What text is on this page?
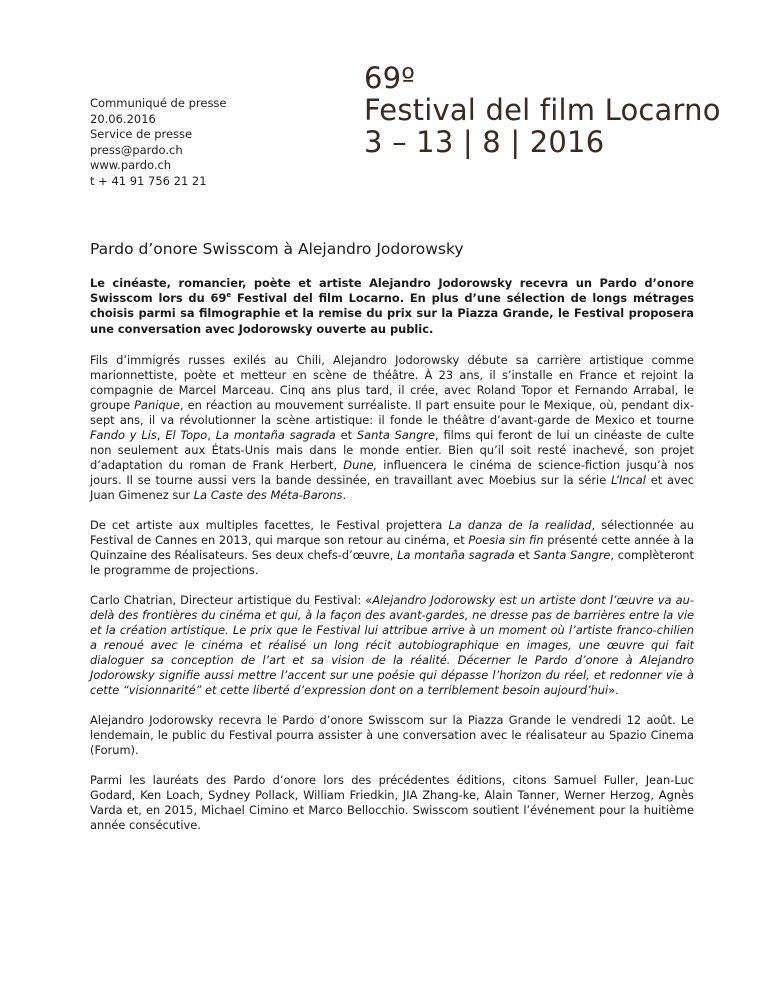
Communiqué de presse
20.06.2016
Service de presse
press@pardo.ch
www.pardo.ch
t + 41 91 756 21 21
69º
Festival del film Locarno
3 – 13 | 8 | 2016
Pardo d’onore Swisscom à Alejandro Jodorowsky

Le cinéaste, romancier, poète et artiste Alejandro Jodorowsky recevra un Pardo d’onore Swisscom lors du 69e Festival del film Locarno. En plus d’une sélection de longs métrages choisis parmi sa filmographie et la remise du prix sur la Piazza Grande, le Festival proposera une conversation avec Jodorowsky ouverte au public.

Fils d’immigrés russes exilés au Chili, Alejandro Jodorowsky débute sa carrière artistique comme marionnettiste, poète et metteur en scène de théâtre. À 23 ans, il s’installe en France et rejoint la compagnie de Marcel Marceau. Cinq ans plus tard, il crée, avec Roland Topor et Fernando Arrabal, le groupe Panique, en réaction au mouvement surréaliste. Il part ensuite pour le Mexique, où, pendant dix-sept ans, il va révolutionner la scène artistique: il fonde le théâtre d’avant-garde de Mexico et tourne Fando y Lis, El Topo, La montaña sagrada et Santa Sangre, films qui feront de lui un cinéaste de culte non seulement aux États-Unis mais dans le monde entier. Bien qu’il soit resté inachevé, son projet d’adaptation du roman de Frank Herbert, Dune, influencera le cinéma de science-fiction jusqu’à nos jours. Il se tourne aussi vers la bande dessinée, en travaillant avec Moebius sur la série L’Incal et avec Juan Gimenez sur La Caste des Méta-Barons.

De cet artiste aux multiples facettes, le Festival projettera La danza de la realidad, sélectionnée au Festival de Cannes en 2013, qui marque son retour au cinéma, et Poesia sin fin présenté cette année à la Quinzaine des Réalisateurs. Ses deux chefs-d’œuvre, La montaña sagrada et Santa Sangre, complèteront le programme de projections.

Carlo Chatrian, Directeur artistique du Festival: «Alejandro Jodorowsky est un artiste dont l’œuvre va au-delà des frontières du cinéma et qui, à la façon des avant-gardes, ne dresse pas de barrières entre la vie et la création artistique. Le prix que le Festival lui attribue arrive à un moment où l’artiste franco-chilien a renoué avec le cinéma et réalisé un long récit autobiographique en images, une œuvre qui fait dialoguer sa conception de l’art et sa vision de la réalité. Décerner le Pardo d’onore à Alejandro Jodorowsky signifie aussi mettre l’accent sur une poésie qui dépasse l’horizon du réel, et redonner vie à cette “visionnarité” et cette liberté d’expression dont on a terriblement besoin aujourd’hui».

Alejandro Jodorowsky recevra le Pardo d’onore Swisscom sur la Piazza Grande le vendredi 12 août. Le lendemain, le public du Festival pourra assister à une conversation avec le réalisateur au Spazio Cinema (Forum).

Parmi les lauréats des Pardo d’onore lors des précédentes éditions, citons Samuel Fuller, Jean-Luc Godard, Ken Loach, Sydney Pollack, William Friedkin, JIA Zhang-ke, Alain Tanner, Werner Herzog, Agnès Varda et, en 2015, Michael Cimino et Marco Bellocchio. Swisscom soutient l’événement pour la huitième année consécutive.
